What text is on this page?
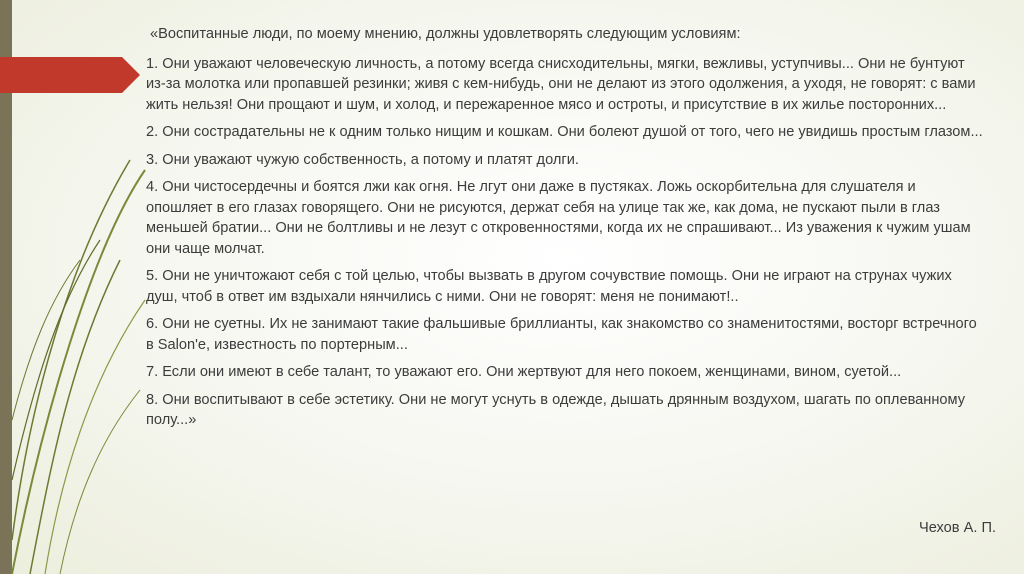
«Воспитанные люди, по моему мнению, должны удовлетворять следующим условиям:

1. Они уважают человеческую личность, а потому всегда снисходительны, мягки, вежливы, уступчивы... Они не бунтуют из-за молотка или пропавшей резинки; живя с кем-нибудь, они не делают из этого одолжения, а уходя, не говорят: с вами жить нельзя! Они прощают и шум, и холод, и пережаренное мясо и остроты, и присутствие в их жилье посторонних...

2. Они сострадательны не к одним только нищим и кошкам. Они болеют душой от того, чего не увидишь простым глазом...

3. Они уважают чужую собственность, а потому и платят долги.

4. Они чистосердечны и боятся лжи как огня. Не лгут они даже в пустяках. Ложь оскорбительна для слушателя и опошляет в его глазах говорящего. Они не рисуются, держат себя на улице так же, как дома, не пускают пыли в глаз меньшей братии... Они не болтливы и не лезут с откровенностями, когда их не спрашивают... Из уважения к чужим ушам они чаще молчат.

5. Они не уничтожают себя с той целью, чтобы вызвать в другом сочувствие помощь. Они не играют на струнах чужих душ, чтоб в ответ им вздыхали нянчились с ними. Они не говорят: меня не понимают!..

6. Они не суетны. Их не занимают такие фальшивые бриллианты, как знакомство со знаменитостями, восторг встречного в Salon'е, известность по портерным...

7. Если они имеют в себе талант, то уважают его. Они жертвуют для него покоем, женщинами, вином, суетой...

8. Они воспитывают в себе эстетику. Они не могут уснуть в одежде, дышать дрянным воздухом, шагать по оплеванному полу...»

Чехов А. П.
